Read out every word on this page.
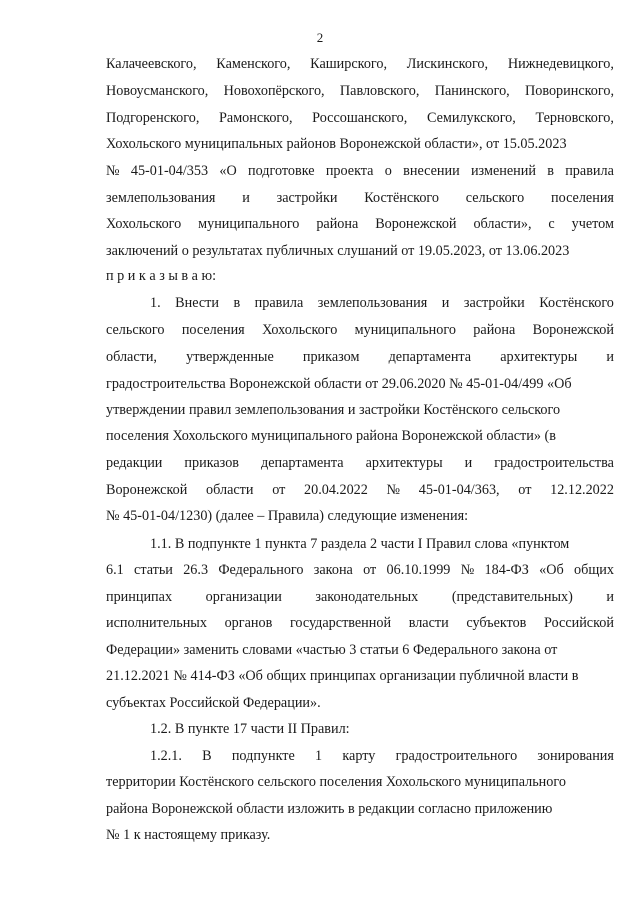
2
Калачеевского, Каменского, Каширского, Лискинского, Нижнедевицкого,
Новоусманского, Новохопёрского, Павловского, Панинского, Поворинского,
Подгоренского, Рамонского, Россошанского, Семилукского, Терновского,
Хохольского муниципальных районов Воронежской области», от 15.05.2023
№ 45-01-04/353 «О подготовке проекта о внесении изменений в правила
землепользования и застройки Костёнского сельского поселения
Хохольского муниципального района Воронежской области», с учетом
заключений о результатах публичных слушаний от 19.05.2023, от 13.06.2023
п р и к а з ы в а ю:
1. Внести в правила землепользования и застройки Костёнского
сельского поселения Хохольского муниципального района Воронежской
области, утвержденные приказом департамента архитектуры и
градостроительства Воронежской области от 29.06.2020 № 45-01-04/499 «Об
утверждении правил землепользования и застройки Костёнского сельского
поселения Хохольского муниципального района Воронежской области» (в
редакции приказов департамента архитектуры и градостроительства
Воронежской области от 20.04.2022 № 45-01-04/363, от 12.12.2022
№ 45-01-04/1230) (далее – Правила) следующие изменения:
1.1. В подпункте 1 пункта 7 раздела 2 части I Правил слова «пунктом
6.1 статьи 26.3 Федерального закона от 06.10.1999 № 184-ФЗ «Об общих
принципах организации законодательных (представительных) и
исполнительных органов государственной власти субъектов Российской
Федерации» заменить словами «частью 3 статьи 6 Федерального закона от
21.12.2021 № 414-ФЗ «Об общих принципах организации публичной власти в
субъектах Российской Федерации».
1.2. В пункте 17 части II Правил:
1.2.1. В подпункте 1 карту градостроительного зонирования
территории Костёнского сельского поселения Хохольского муниципального
района Воронежской области изложить в редакции согласно приложению
№ 1 к настоящему приказу.
